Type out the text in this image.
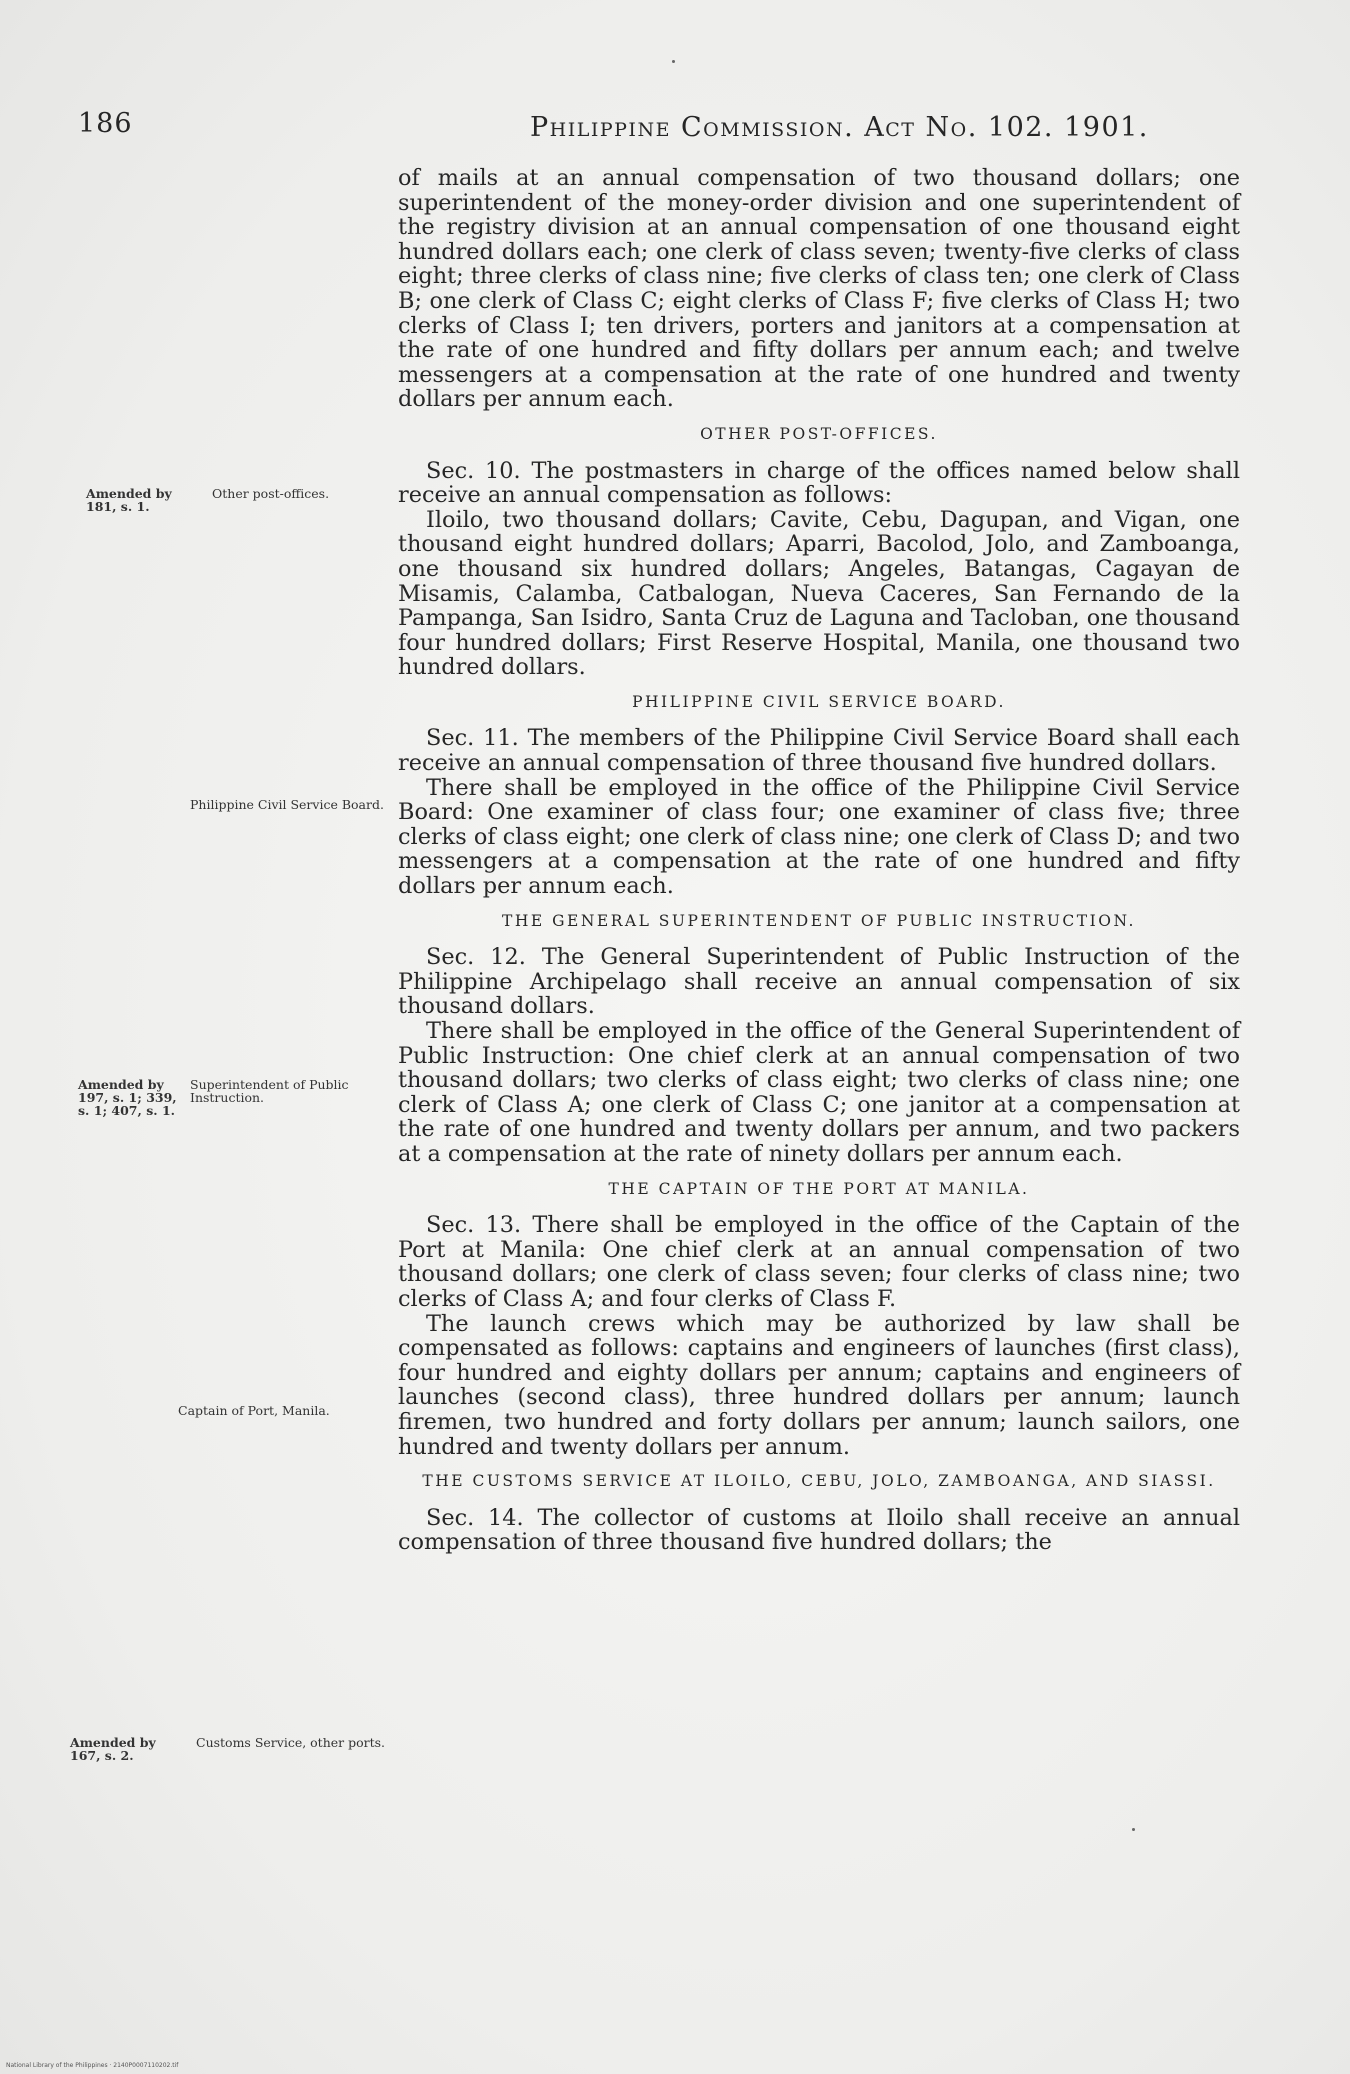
186	Philippine Commission. Act No. 102. 1901.
Amended by 181, s. 1.
Other post-offices.
Philippine Civil Service Board.
Amended by 197, s. 1; 339, s. 1; 407, s. 1.
Superintendent of Public Instruction.
Captain of Port, Manila.
Amended by 167, s. 2.
Customs Service, other ports.

of mails at an annual compensation of two thousand dollars; one superintendent of the money-order division and one superintendent of the registry division at an annual compensation of one thousand eight hundred dollars each; one clerk of class seven; twenty-five clerks of class eight; three clerks of class nine; five clerks of class ten; one clerk of Class B; one clerk of Class C; eight clerks of Class F; five clerks of Class H; two clerks of Class I; ten drivers, porters and janitors at a compensation at the rate of one hundred and fifty dollars per annum each; and twelve messengers at a compensation at the rate of one hundred and twenty dollars per annum each.

OTHER POST-OFFICES.

Sec. 10. The postmasters in charge of the offices named below shall receive an annual compensation as follows:

Iloilo, two thousand dollars; Cavite, Cebu, Dagupan, and Vigan, one thousand eight hundred dollars; Aparri, Bacolod, Jolo, and Zamboanga, one thousand six hundred dollars; Angeles, Batangas, Cagayan de Misamis, Calamba, Catbalogan, Nueva Caceres, San Fernando de la Pampanga, San Isidro, Santa Cruz de Laguna and Tacloban, one thousand four hundred dollars; First Reserve Hospital, Manila, one thousand two hundred dollars.

PHILIPPINE CIVIL SERVICE BOARD.

Sec. 11. The members of the Philippine Civil Service Board shall each receive an annual compensation of three thousand five hundred dollars.

There shall be employed in the office of the Philippine Civil Service Board: One examiner of class four; one examiner of class five; three clerks of class eight; one clerk of class nine; one clerk of Class D; and two messengers at a compensation at the rate of one hundred and fifty dollars per annum each.

THE GENERAL SUPERINTENDENT OF PUBLIC INSTRUCTION.

Sec. 12. The General Superintendent of Public Instruction of the Philippine Archipelago shall receive an annual compensation of six thousand dollars.

There shall be employed in the office of the General Superintendent of Public Instruction: One chief clerk at an annual compensation of two thousand dollars; two clerks of class eight; two clerks of class nine; one clerk of Class A; one clerk of Class C; one janitor at a compensation at the rate of one hundred and twenty dollars per annum, and two packers at a compensation at the rate of ninety dollars per annum each.

THE CAPTAIN OF THE PORT AT MANILA.

Sec. 13. There shall be employed in the office of the Captain of the Port at Manila: One chief clerk at an annual compensation of two thousand dollars; one clerk of class seven; four clerks of class nine; two clerks of Class A; and four clerks of Class F.

The launch crews which may be authorized by law shall be compensated as follows: captains and engineers of launches (first class), four hundred and eighty dollars per annum; captains and engineers of launches (second class), three hundred dollars per annum; launch firemen, two hundred and forty dollars per annum; launch sailors, one hundred and twenty dollars per annum.

THE CUSTOMS SERVICE AT ILOILO, CEBU, JOLO, ZAMBOANGA, AND SIASSI.

Sec. 14. The collector of customs at Iloilo shall receive an annual compensation of three thousand five hundred dollars; the

National Library of the Philippines · 2140P0007110202.tif
